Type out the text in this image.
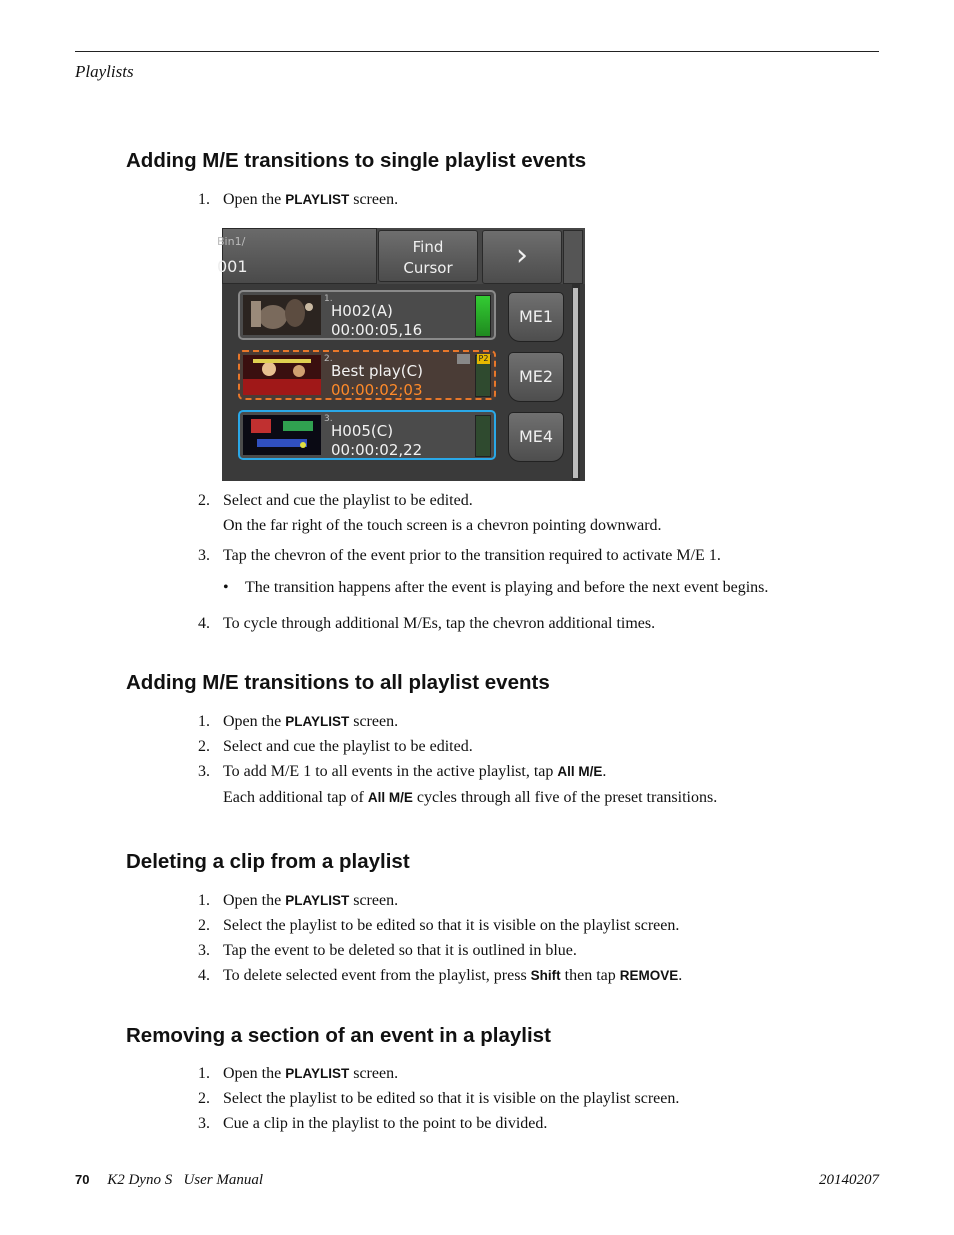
Playlists
Adding M/E transitions to single playlist events
1. Open the PLAYLIST screen.
Bin1/
001
Find
Cursor	›
1.
H002(A)
00:00:05,16
2.
Best play(C)
00:00:02;03
P2
3.
H005(C)
00:00:02,22
ME1
ME2
ME4
2. Select and cue the playlist to be edited.
On the far right of the touch screen is a chevron pointing downward.
3. Tap the chevron of the event prior to the transition required to activate M/E 1.
• The transition happens after the event is playing and before the next event begins.
4. To cycle through additional M/Es, tap the chevron additional times.
Adding M/E transitions to all playlist events
1. Open the PLAYLIST screen.
2. Select and cue the playlist to be edited.
3. To add M/E 1 to all events in the active playlist, tap All M/E.
Each additional tap of All M/E cycles through all five of the preset transitions.
Deleting a clip from a playlist
1. Open the PLAYLIST screen.
2. Select the playlist to be edited so that it is visible on the playlist screen.
3. Tap the event to be deleted so that it is outlined in blue.
4. To delete selected event from the playlist, press Shift then tap REMOVE.
Removing a section of an event in a playlist
1. Open the PLAYLIST screen.
2. Select the playlist to be edited so that it is visible on the playlist screen.
3. Cue a clip in the playlist to the point to be divided.
70 K2 Dyno S   User Manual	20140207
